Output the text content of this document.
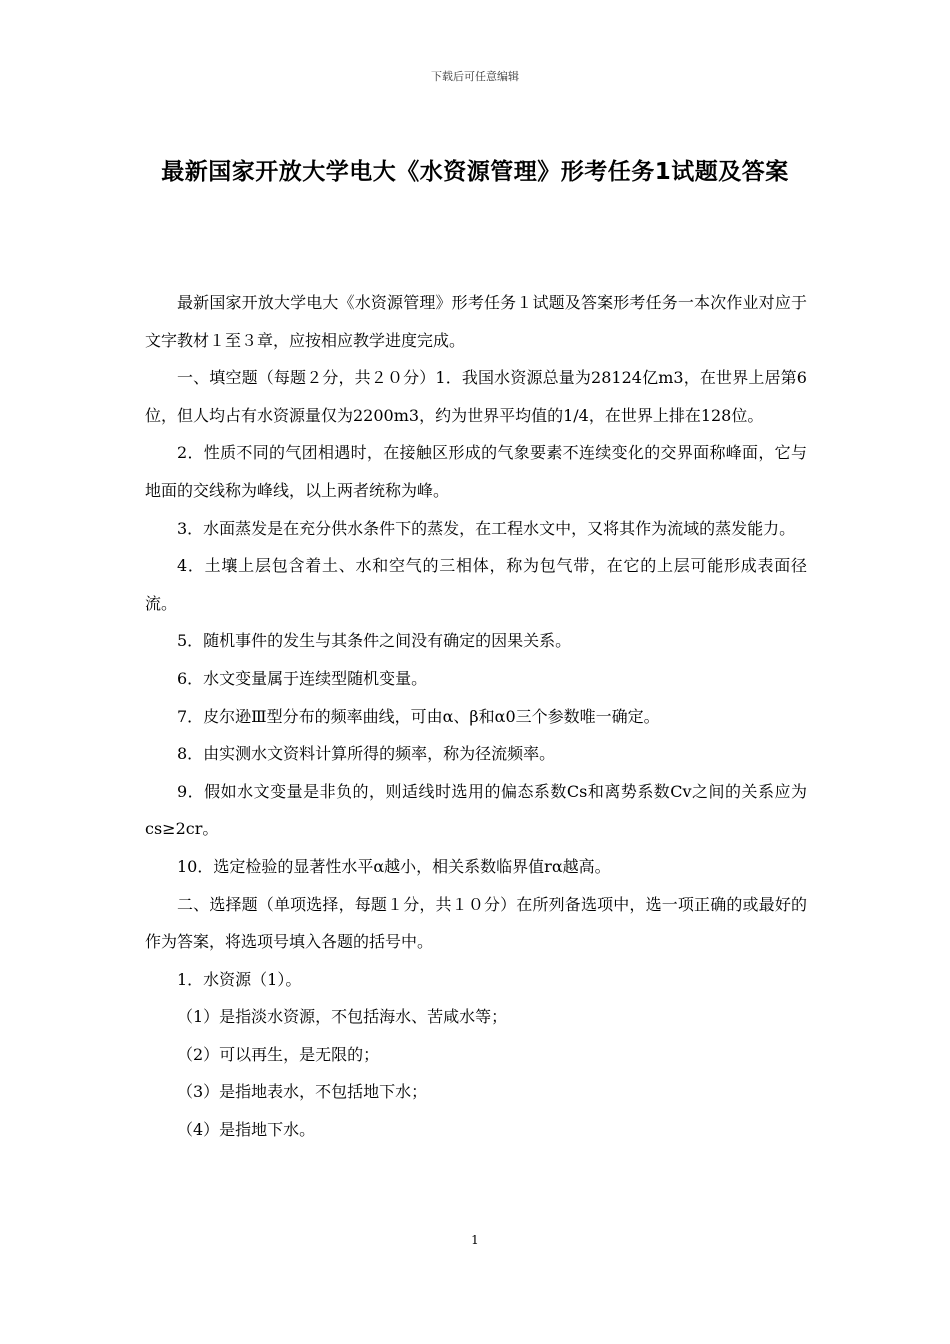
下载后可任意编辑
最新国家开放大学电大《水资源管理》形考任务1试题及答案

最新国家开放大学电大《水资源管理》形考任务１试题及答案形考任务一本次作业对应于文字教材１至３章，应按相应教学进度完成。

一、填空题（每题２分，共２０分）1．我国水资源总量为28124亿m3，在世界上居第6位，但人均占有水资源量仅为2200m3，约为世界平均值的1/4，在世界上排在128位。

2．性质不同的气团相遇时，在接触区形成的气象要素不连续变化的交界面称峰面，它与地面的交线称为峰线，以上两者统称为峰。

3．水面蒸发是在充分供水条件下的蒸发，在工程水文中，又将其作为流域的蒸发能力。

4．土壤上层包含着土、水和空气的三相体，称为包气带，在它的上层可能形成表面径流。

5．随机事件的发生与其条件之间没有确定的因果关系。

6．水文变量属于连续型随机变量。

7．皮尔逊Ⅲ型分布的频率曲线，可由α、β和α0三个参数唯一确定。

8．由实测水文资料计算所得的频率，称为径流频率。

9．假如水文变量是非负的，则适线时选用的偏态系数Cs和离势系数Cv之间的关系应为cs≥2cr。

10．选定检验的显著性水平α越小，相关系数临界值rα越高。

二、选择题（单项选择，每题１分，共１０分）在所列备选项中，选一项正确的或最好的作为答案，将选项号填入各题的括号中。

1．水资源（1）。

（1）是指淡水资源，不包括海水、苦咸水等；

（2）可以再生，是无限的；

（3）是指地表水，不包括地下水；

（4）是指地下水。

1
